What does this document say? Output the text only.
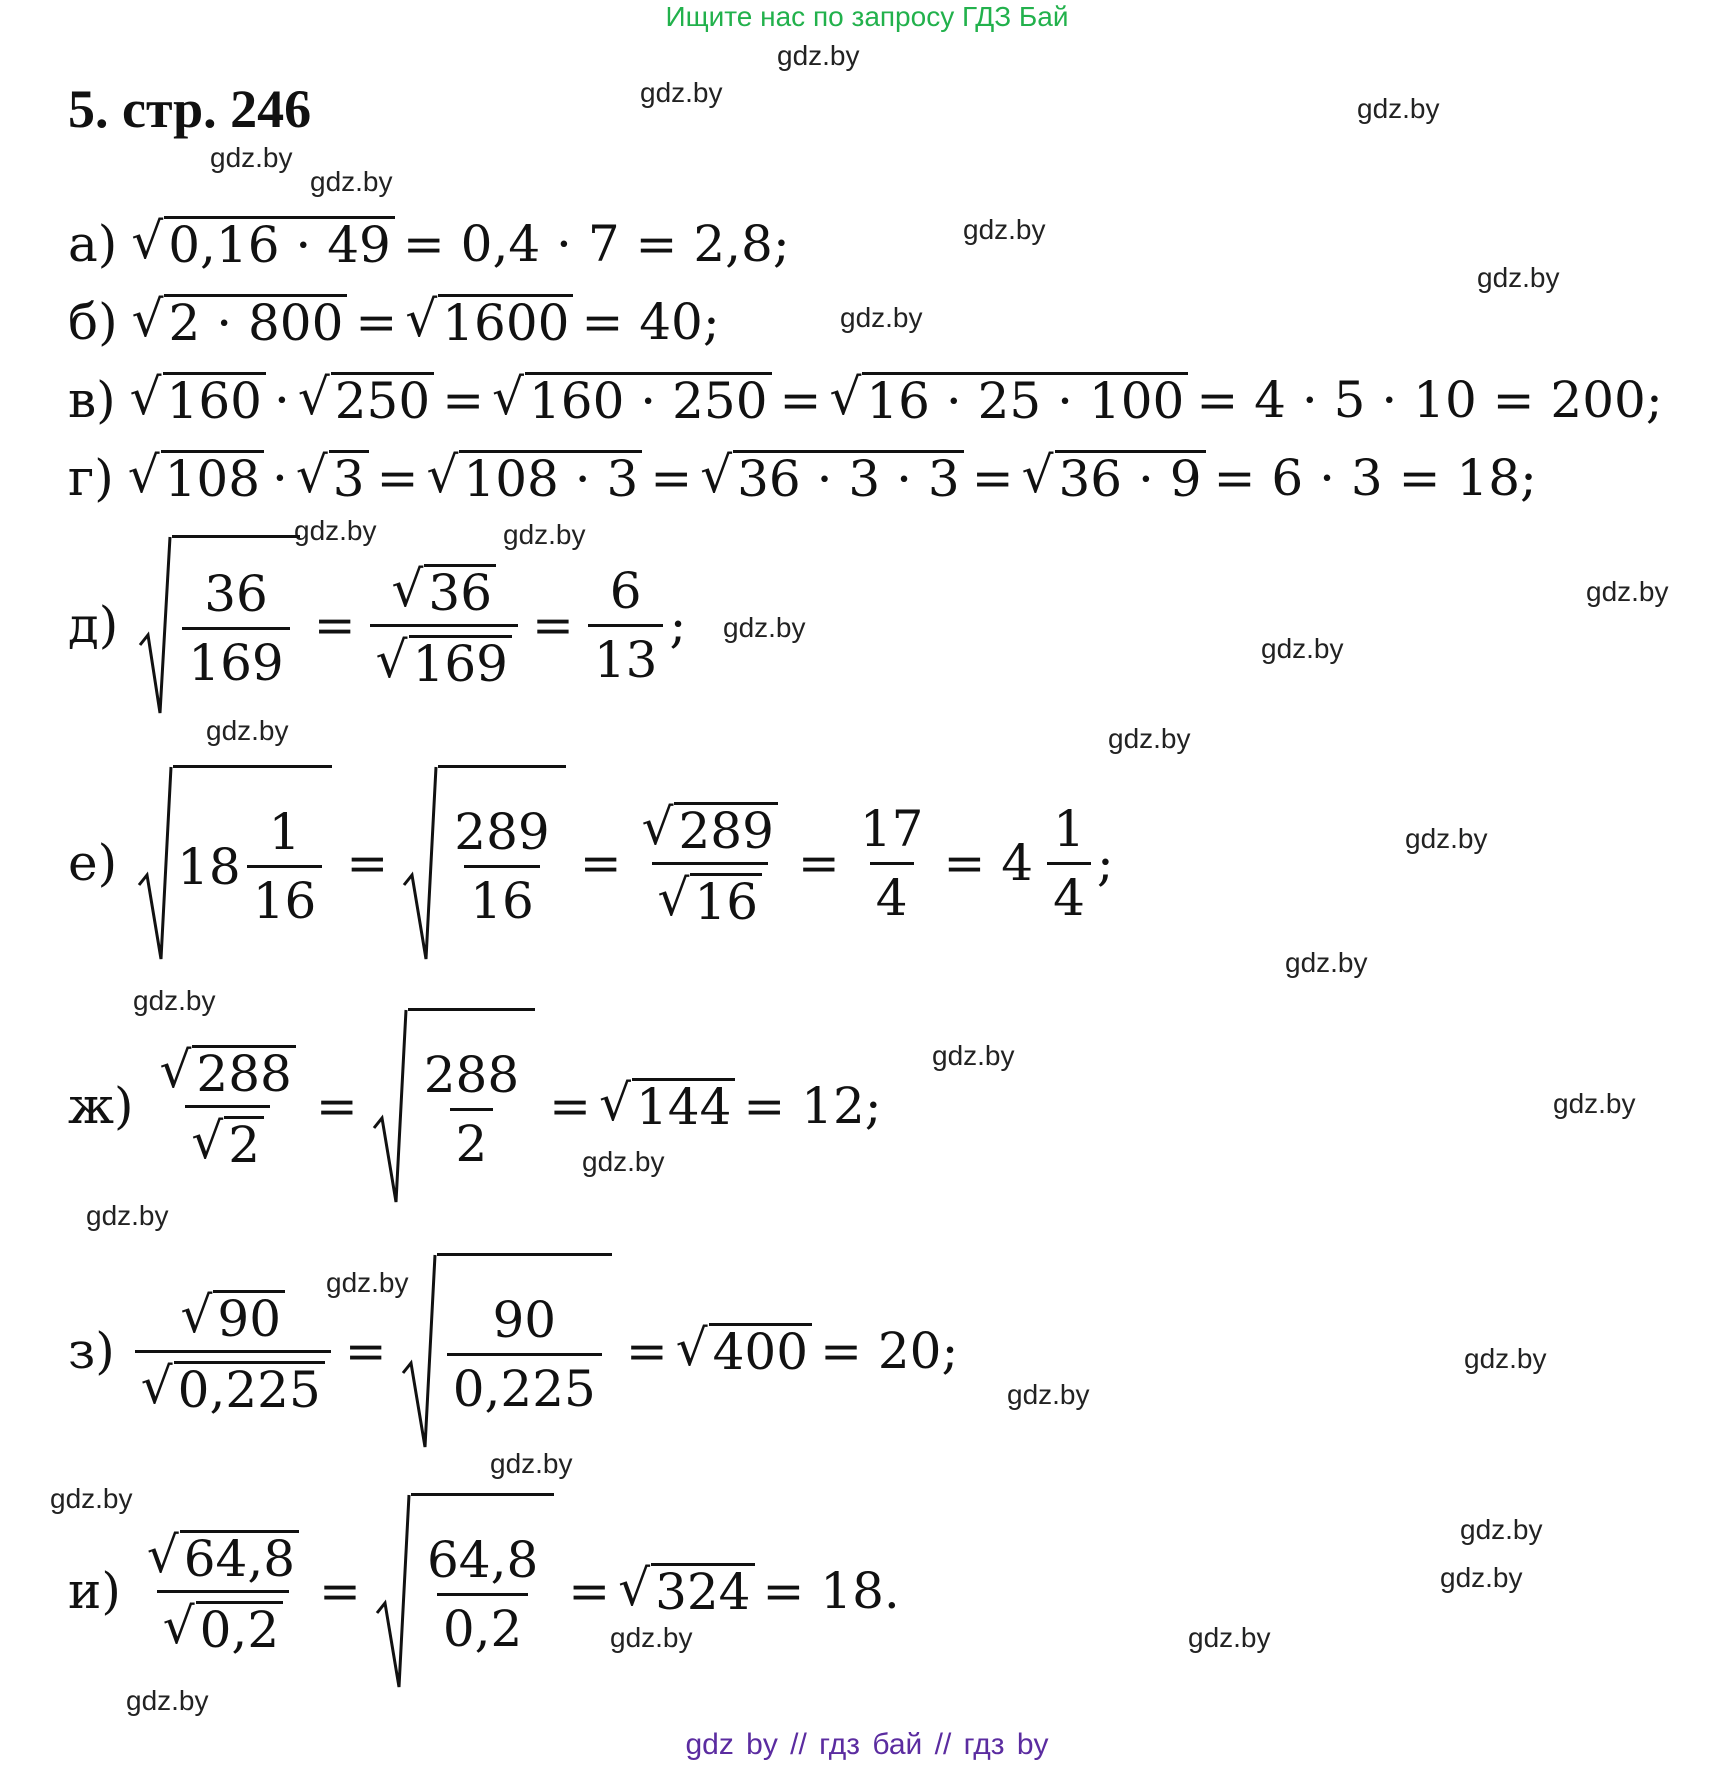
Ищите нас по запросу ГДЗ Бай
5. стр. 246
gdz.by
gdz.by
gdz.by
gdz.by
gdz.by
gdz.by
gdz.by
gdz.by
gdz.by	gdz.by
gdz.by
gdz.by
gdz.by
gdz.by	gdz.by
gdz.by
gdz.by
gdz.by
gdz.by
gdz.by
gdz.by
gdz.by
gdz.by
gdz.by
gdz.by
gdz.by
gdz.by
gdz.by
gdz.by
gdz.by	gdz.by
gdz.by
а) √ 0,16 · 49 = 0,4 · 7 = 2,8;
б) √ 2 · 800 = √ 1600 = 40;
в) √ 160 · √ 250 = √ 160 · 250 = √ 16 · 25 · 100 = 4 · 5 · 10 = 200;
г) √ 108 · √ 3 = √ 108 · 3 = √ 36 · 3 · 3 = √ 36 · 9 = 6 · 3 = 18;
$д) \frac{36}{169} = \frac{√ 36}{√ 169} = \frac{6}{13}$ ;
е) $18 \frac{1}{16} = \frac{289}{16} = \frac{√ 289}{√ 16} = \frac{17}{4} = 4 \frac{1}{4}$ ;
$ж) \frac{√ 288}{√ 2} = \frac{288}{2}$ = √ 144 = 12;
$з) \frac{√ 90}{√ 0,225} = \frac{90}{0,225}$ = √ 400 = 20;
$и) \frac{√ 64,8}{√ 0,2} = \frac{64,8}{0,2}$ = √ 324 = 18.
gdz by // гдз бай // гдз by
